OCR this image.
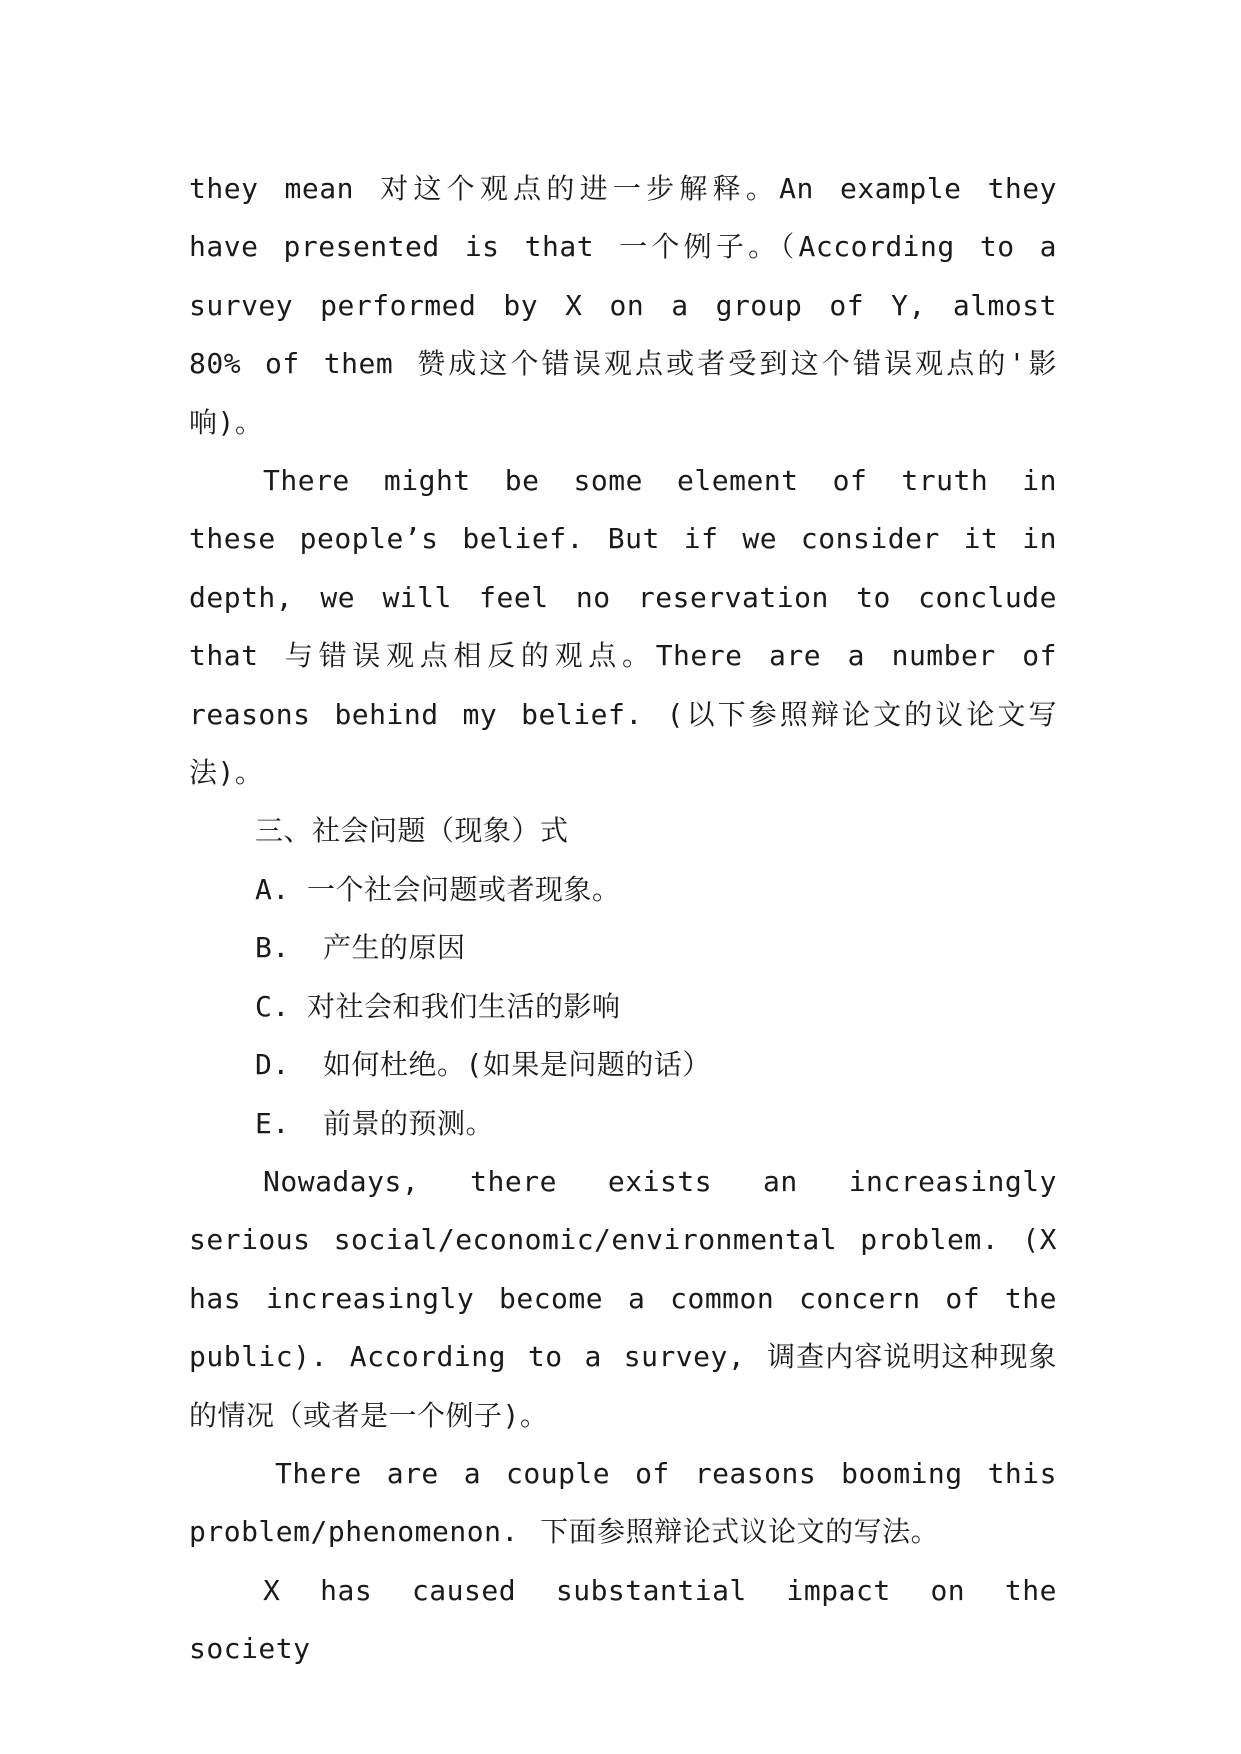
they mean 对这个观点的进一步解释。An example they have presented is that 一个例子。（According to a survey performed by X on a group of Y, almost 80% of them 赞成这个错误观点或者受到这个错误观点的'影响)。

There might be some element of truth in these people’s belief. But if we consider it in depth, we will feel no reservation to conclude that 与错误观点相反的观点。There are a number of reasons behind my belief. (以下参照辩论文的议论文写法)。

三、社会问题（现象）式

A. 一个社会问题或者现象。

B. 产生的原因

C. 对社会和我们生活的影响

D. 如何杜绝。(如果是问题的话）

E. 前景的预测。

Nowadays, there exists an increasingly serious social/economic/environmental problem. (X has increasingly become a common concern of the public). According to a survey, 调查内容说明这种现象的情况（或者是一个例子)。

There are a couple of reasons booming this problem/phenomenon. 下面参照辩论式议论文的写法。

X has caused substantial impact on the society
